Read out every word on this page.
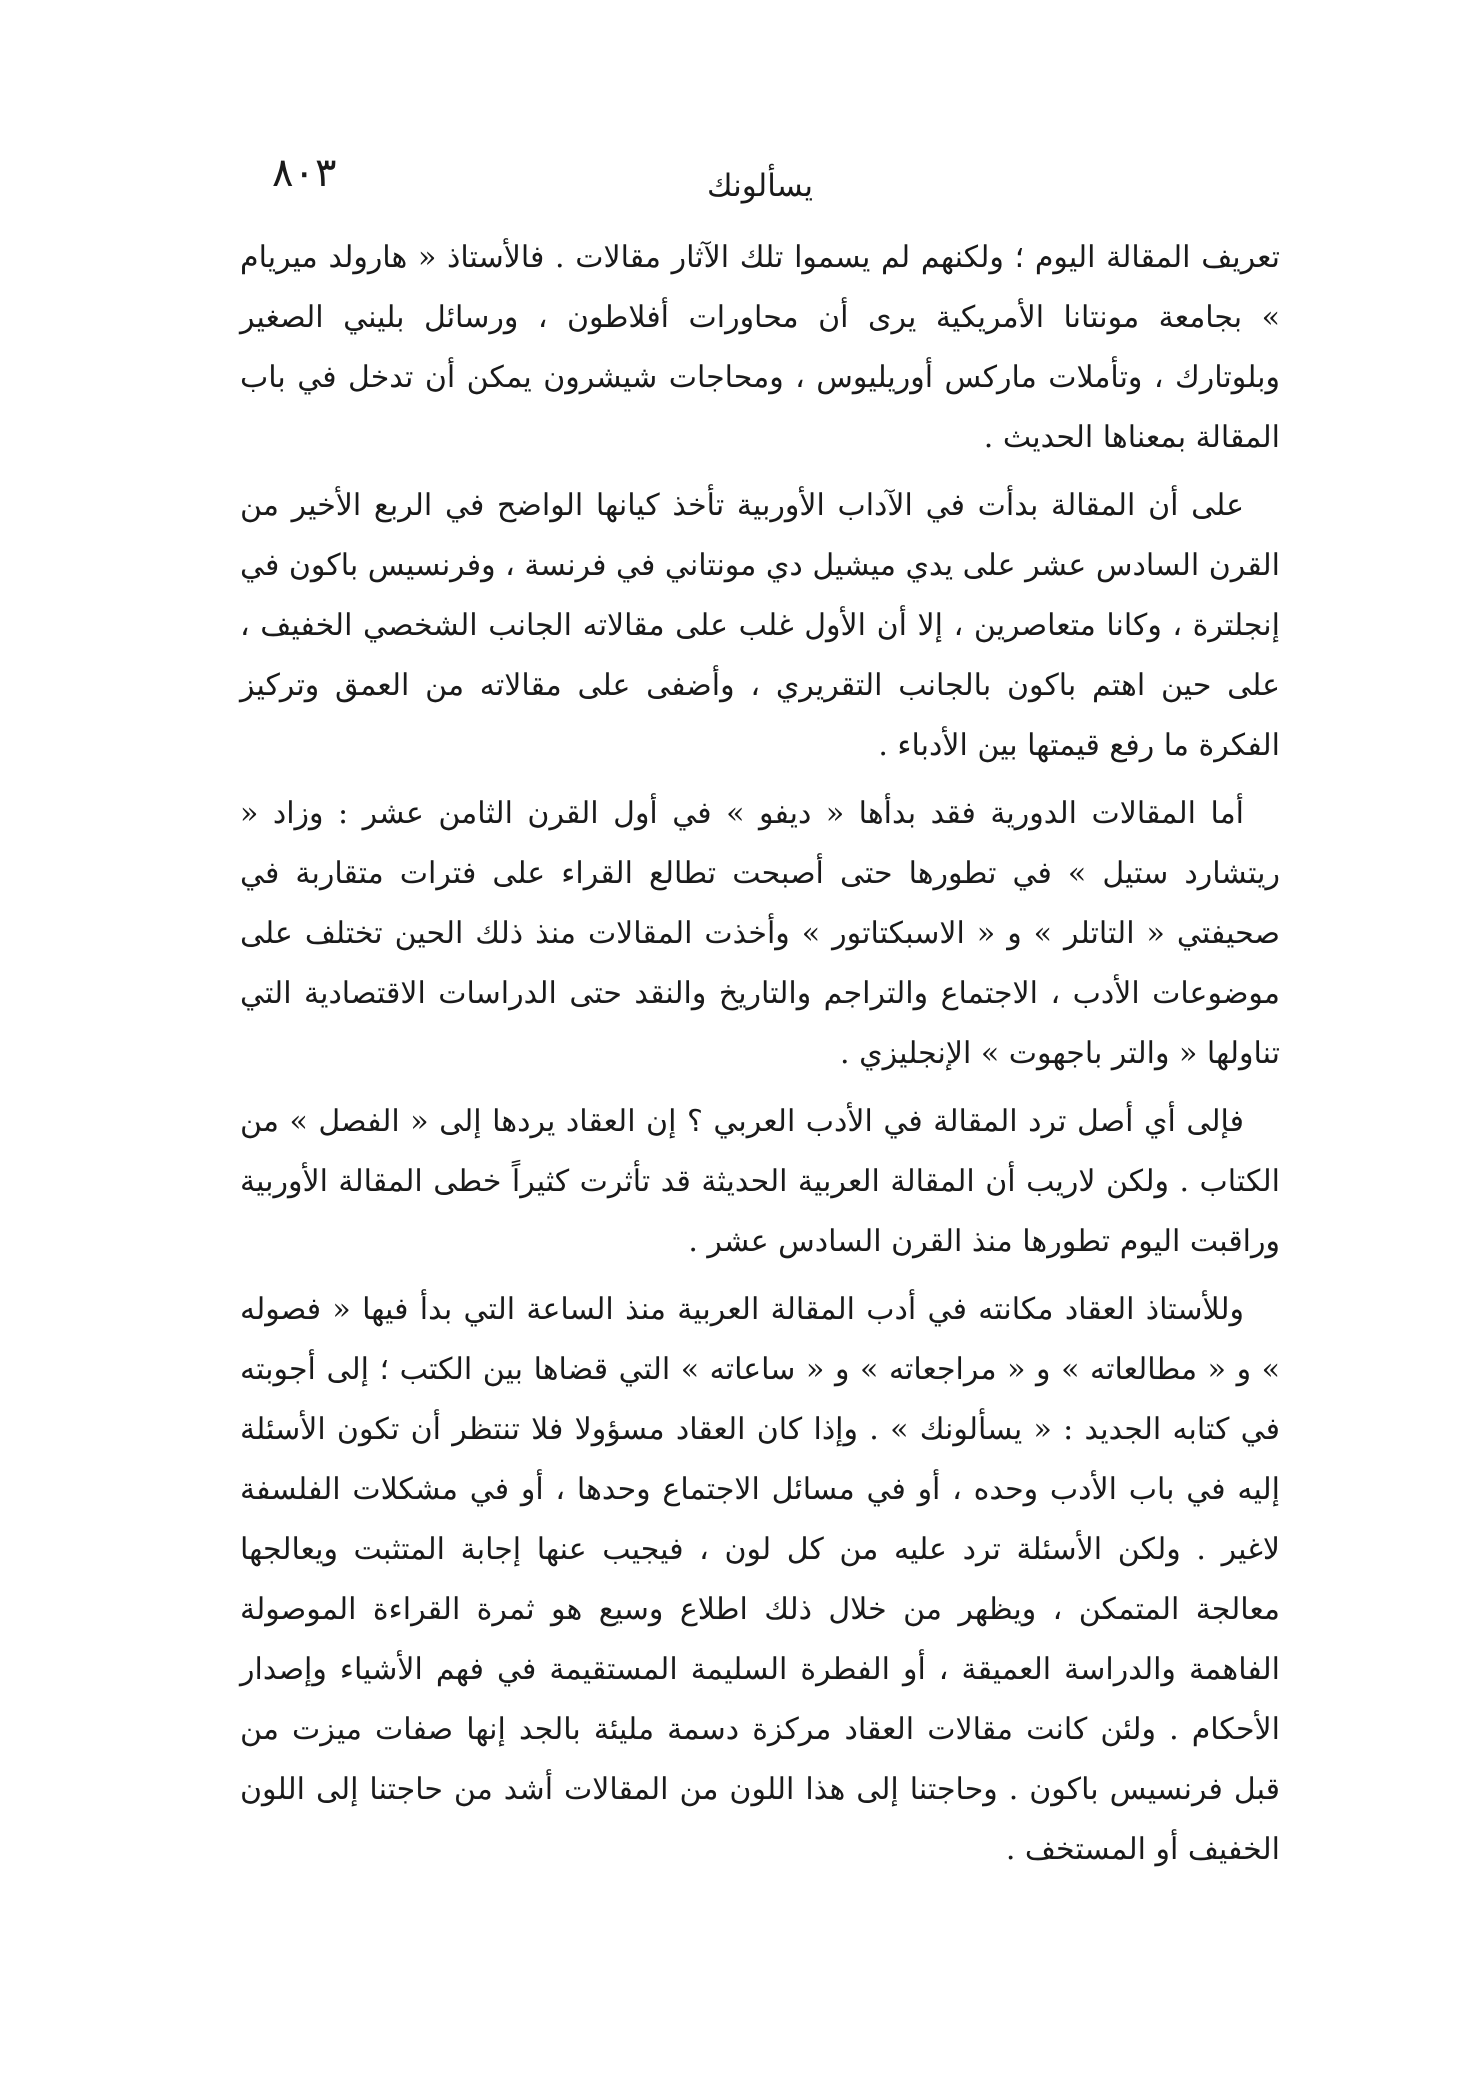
٨٠٣	يسألونك

تعريف المقالة اليوم ؛ ولكنهم لم يسموا تلك الآثار مقالات . فالأستاذ « هارولد ميريام » بجامعة مونتانا الأمريكية يرى أن محاورات أفلاطون ، ورسائل بليني الصغير وبلوتارك ، وتأملات ماركس أوريليوس ، ومحاجات شيشرون يمكن أن تدخل في باب المقالة بمعناها الحديث .

على أن المقالة بدأت في الآداب الأوربية تأخذ كيانها الواضح في الربع الأخير من القرن السادس عشر على يدي ميشيل دي مونتاني في فرنسة ، وفرنسيس باكون في إنجلترة ، وكانا متعاصرين ، إلا أن الأول غلب على مقالاته الجانب الشخصي الخفيف ، على حين اهتم باكون بالجانب التقريري ، وأضفى على مقالاته من العمق وتركيز الفكرة ما رفع قيمتها بين الأدباء .

أما المقالات الدورية فقد بدأها « ديفو » في أول القرن الثامن عشر : وزاد « ريتشارد ستيل » في تطورها حتى أصبحت تطالع القراء على فترات متقاربة في صحيفتي « التاتلر » و « الاسبكتاتور » وأخذت المقالات منذ ذلك الحين تختلف على موضوعات الأدب ، الاجتماع والتراجم والتاريخ والنقد حتى الدراسات الاقتصادية التي تناولها « والتر باجهوت » الإنجليزي .

فإلى أي أصل ترد المقالة في الأدب العربي ؟ إن العقاد يردها إلى « الفصل » من الكتاب . ولكن لاريب أن المقالة العربية الحديثة قد تأثرت كثيراً خطى المقالة الأوربية وراقبت اليوم تطورها منذ القرن السادس عشر .

وللأستاذ العقاد مكانته في أدب المقالة العربية منذ الساعة التي بدأ فيها « فصوله » و « مطالعاته » و « مراجعاته » و « ساعاته » التي قضاها بين الكتب ؛ إلى أجوبته في كتابه الجديد : « يسألونك » . وإذا كان العقاد مسؤولا فلا تنتظر أن تكون الأسئلة إليه في باب الأدب وحده ، أو في مسائل الاجتماع وحدها ، أو في مشكلات الفلسفة لاغير . ولكن الأسئلة ترد عليه من كل لون ، فيجيب عنها إجابة المتثبت ويعالجها معالجة المتمكن ، ويظهر من خلال ذلك اطلاع وسيع هو ثمرة القراءة الموصولة الفاهمة والدراسة العميقة ، أو الفطرة السليمة المستقيمة في فهم الأشياء وإصدار الأحكام . ولئن كانت مقالات العقاد مركزة دسمة مليئة بالجد إنها صفات ميزت من قبل فرنسيس باكون . وحاجتنا إلى هذا اللون من المقالات أشد من حاجتنا إلى اللون الخفيف أو المستخف .
